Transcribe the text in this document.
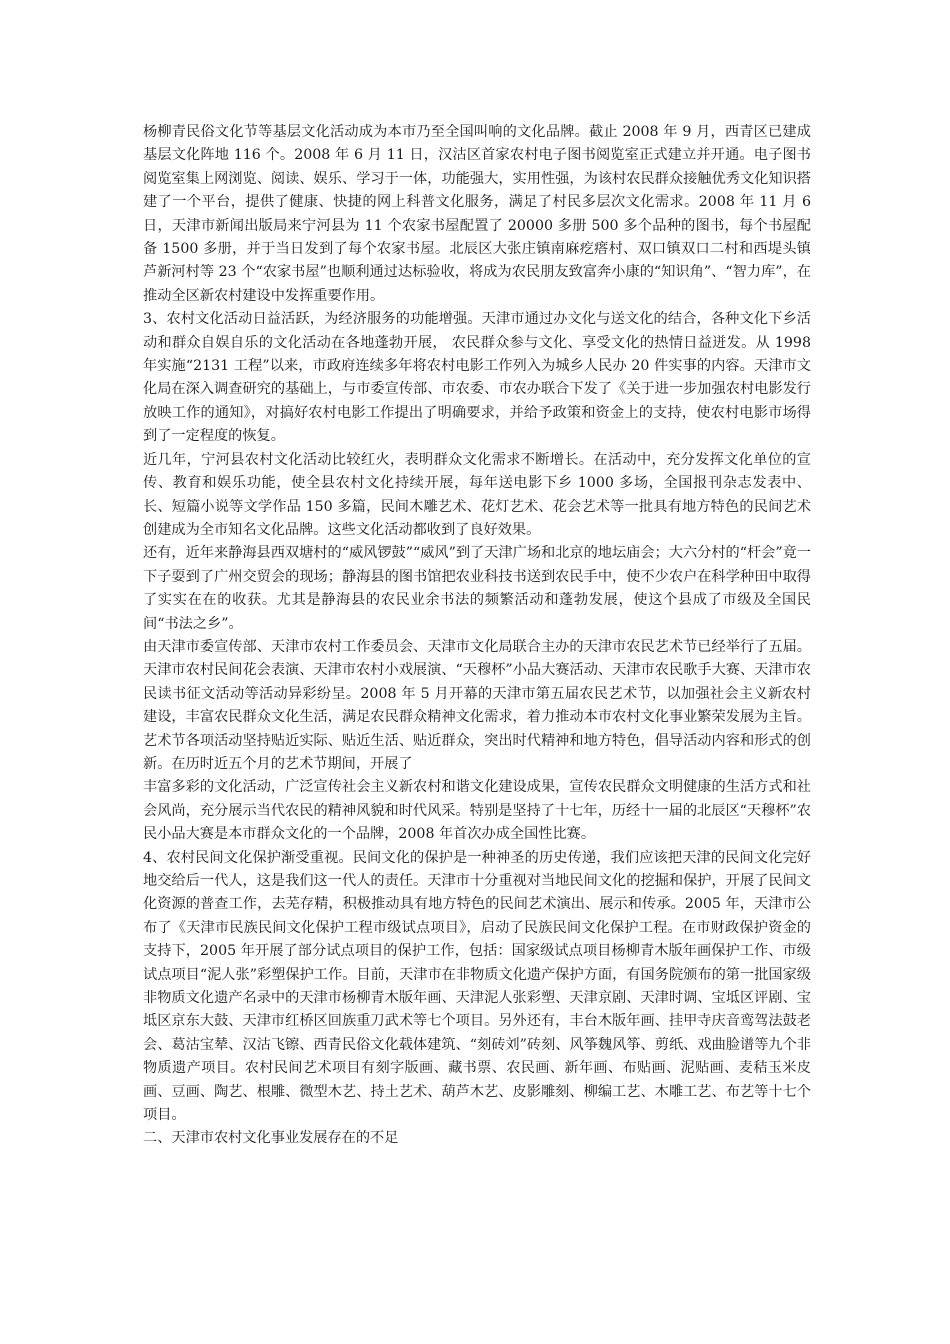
杨柳青民俗文化节等基层文化活动成为本市乃至全国叫响的文化品牌。截止 2008 年 9 月，西青区已建成基层文化阵地 116 个。2008 年 6 月 11 日，汉沽区首家农村电子图书阅览室正式建立并开通。电子图书阅览室集上网浏览、阅读、娱乐、学习于一体，功能强大，实用性强，为该村农民群众接触优秀文化知识搭建了一个平台，提供了健康、快捷的网上科普文化服务，满足了村民多层次文化需求。2008 年 11 月 6 日，天津市新闻出版局来宁河县为 11 个农家书屋配置了 20000 多册 500 多个品种的图书，每个书屋配备 1500 多册，并于当日发到了每个农家书屋。北辰区大张庄镇南麻疙瘩村、双口镇双口二村和西堤头镇芦新河村等 23 个“农家书屋”也顺利通过达标验收，将成为农民朋友致富奔小康的“知识角”、“智力库”，在推动全区新农村建设中发挥重要作用。

3、农村文化活动日益活跃，为经济服务的功能增强。天津市通过办文化与送文化的结合，各种文化下乡活动和群众自娱自乐的文化活动在各地蓬勃开展， 农民群众参与文化、享受文化的热情日益迸发。从 1998 年实施“2131 工程”以来，市政府连续多年将农村电影工作列入为城乡人民办 20 件实事的内容。天津市文化局在深入调查研究的基础上，与市委宣传部、市农委、市农办联合下发了《关于进一步加强农村电影发行放映工作的通知》，对搞好农村电影工作提出了明确要求，并给予政策和资金上的支持，使农村电影市场得到了一定程度的恢复。

近几年，宁河县农村文化活动比较红火，表明群众文化需求不断增长。在活动中，充分发挥文化单位的宣传、教育和娱乐功能，使全县农村文化持续开展，每年送电影下乡 1000 多场，全国报刊杂志发表中、长、短篇小说等文学作品 150 多篇，民间木雕艺术、花灯艺术、花会艺术等一批具有地方特色的民间艺术创建成为全市知名文化品牌。这些文化活动都收到了良好效果。

还有，近年来静海县西双塘村的“威风锣鼓”“威风”到了天津广场和北京的地坛庙会；大六分村的“杆会”竟一下子耍到了广州交贸会的现场；静海县的图书馆把农业科技书送到农民手中，使不少农户在科学种田中取得了实实在在的收获。尤其是静海县的农民业余书法的频繁活动和蓬勃发展，使这个县成了市级及全国民间“书法之乡”。

由天津市委宣传部、天津市农村工作委员会、天津市文化局联合主办的天津市农民艺术节已经举行了五届。天津市农村民间花会表演、天津市农村小戏展演、“天穆杯”小品大赛活动、天津市农民歌手大赛、天津市农民读书征文活动等活动异彩纷呈。2008 年 5 月开幕的天津市第五届农民艺术节，以加强社会主义新农村建设，丰富农民群众文化生活，满足农民群众精神文化需求，着力推动本市农村文化事业繁荣发展为主旨。艺术节各项活动坚持贴近实际、贴近生活、贴近群众，突出时代精神和地方特色，倡导活动内容和形式的创新。在历时近五个月的艺术节期间，开展了

丰富多彩的文化活动，广泛宣传社会主义新农村和谐文化建设成果，宣传农民群众文明健康的生活方式和社会风尚，充分展示当代农民的精神风貌和时代风采。特别是坚持了十七年，历经十一届的北辰区“天穆杯”农民小品大赛是本市群众文化的一个品牌，2008 年首次办成全国性比赛。

4、农村民间文化保护渐受重视。民间文化的保护是一种神圣的历史传递，我们应该把天津的民间文化完好地交给后一代人，这是我们这一代人的责任。天津市十分重视对当地民间文化的挖掘和保护，开展了民间文化资源的普查工作，去芜存精，积极推动具有地方特色的民间艺术演出、展示和传承。2005 年，天津市公布了《天津市民族民间文化保护工程市级试点项目》，启动了民族民间文化保护工程。在市财政保护资金的支持下，2005 年开展了部分试点项目的保护工作，包括：国家级试点项目杨柳青木版年画保护工作、市级试点项目“泥人张”彩塑保护工作。目前，天津市在非物质文化遗产保护方面，有国务院颁布的第一批国家级非物质文化遗产名录中的天津市杨柳青木版年画、天津泥人张彩塑、天津京剧、天津时调、宝坻区评剧、宝坻区京东大鼓、天津市红桥区回族重刀武术等七个项目。另外还有，丰台木版年画、挂甲寺庆音鸾驾法鼓老会、葛沽宝辇、汉沽飞镲、西青民俗文化载体建筑、“刻砖刘”砖刻、风筝魏风筝、剪纸、戏曲脸谱等九个非物质遗产项目。农村民间艺术项目有刻字版画、藏书票、农民画、新年画、布贴画、泥贴画、麦秸玉米皮画、豆画、陶艺、根雕、微型木艺、持土艺术、葫芦木艺、皮影雕刻、柳编工艺、木雕工艺、布艺等十七个项目。

二、天津市农村文化事业发展存在的不足
